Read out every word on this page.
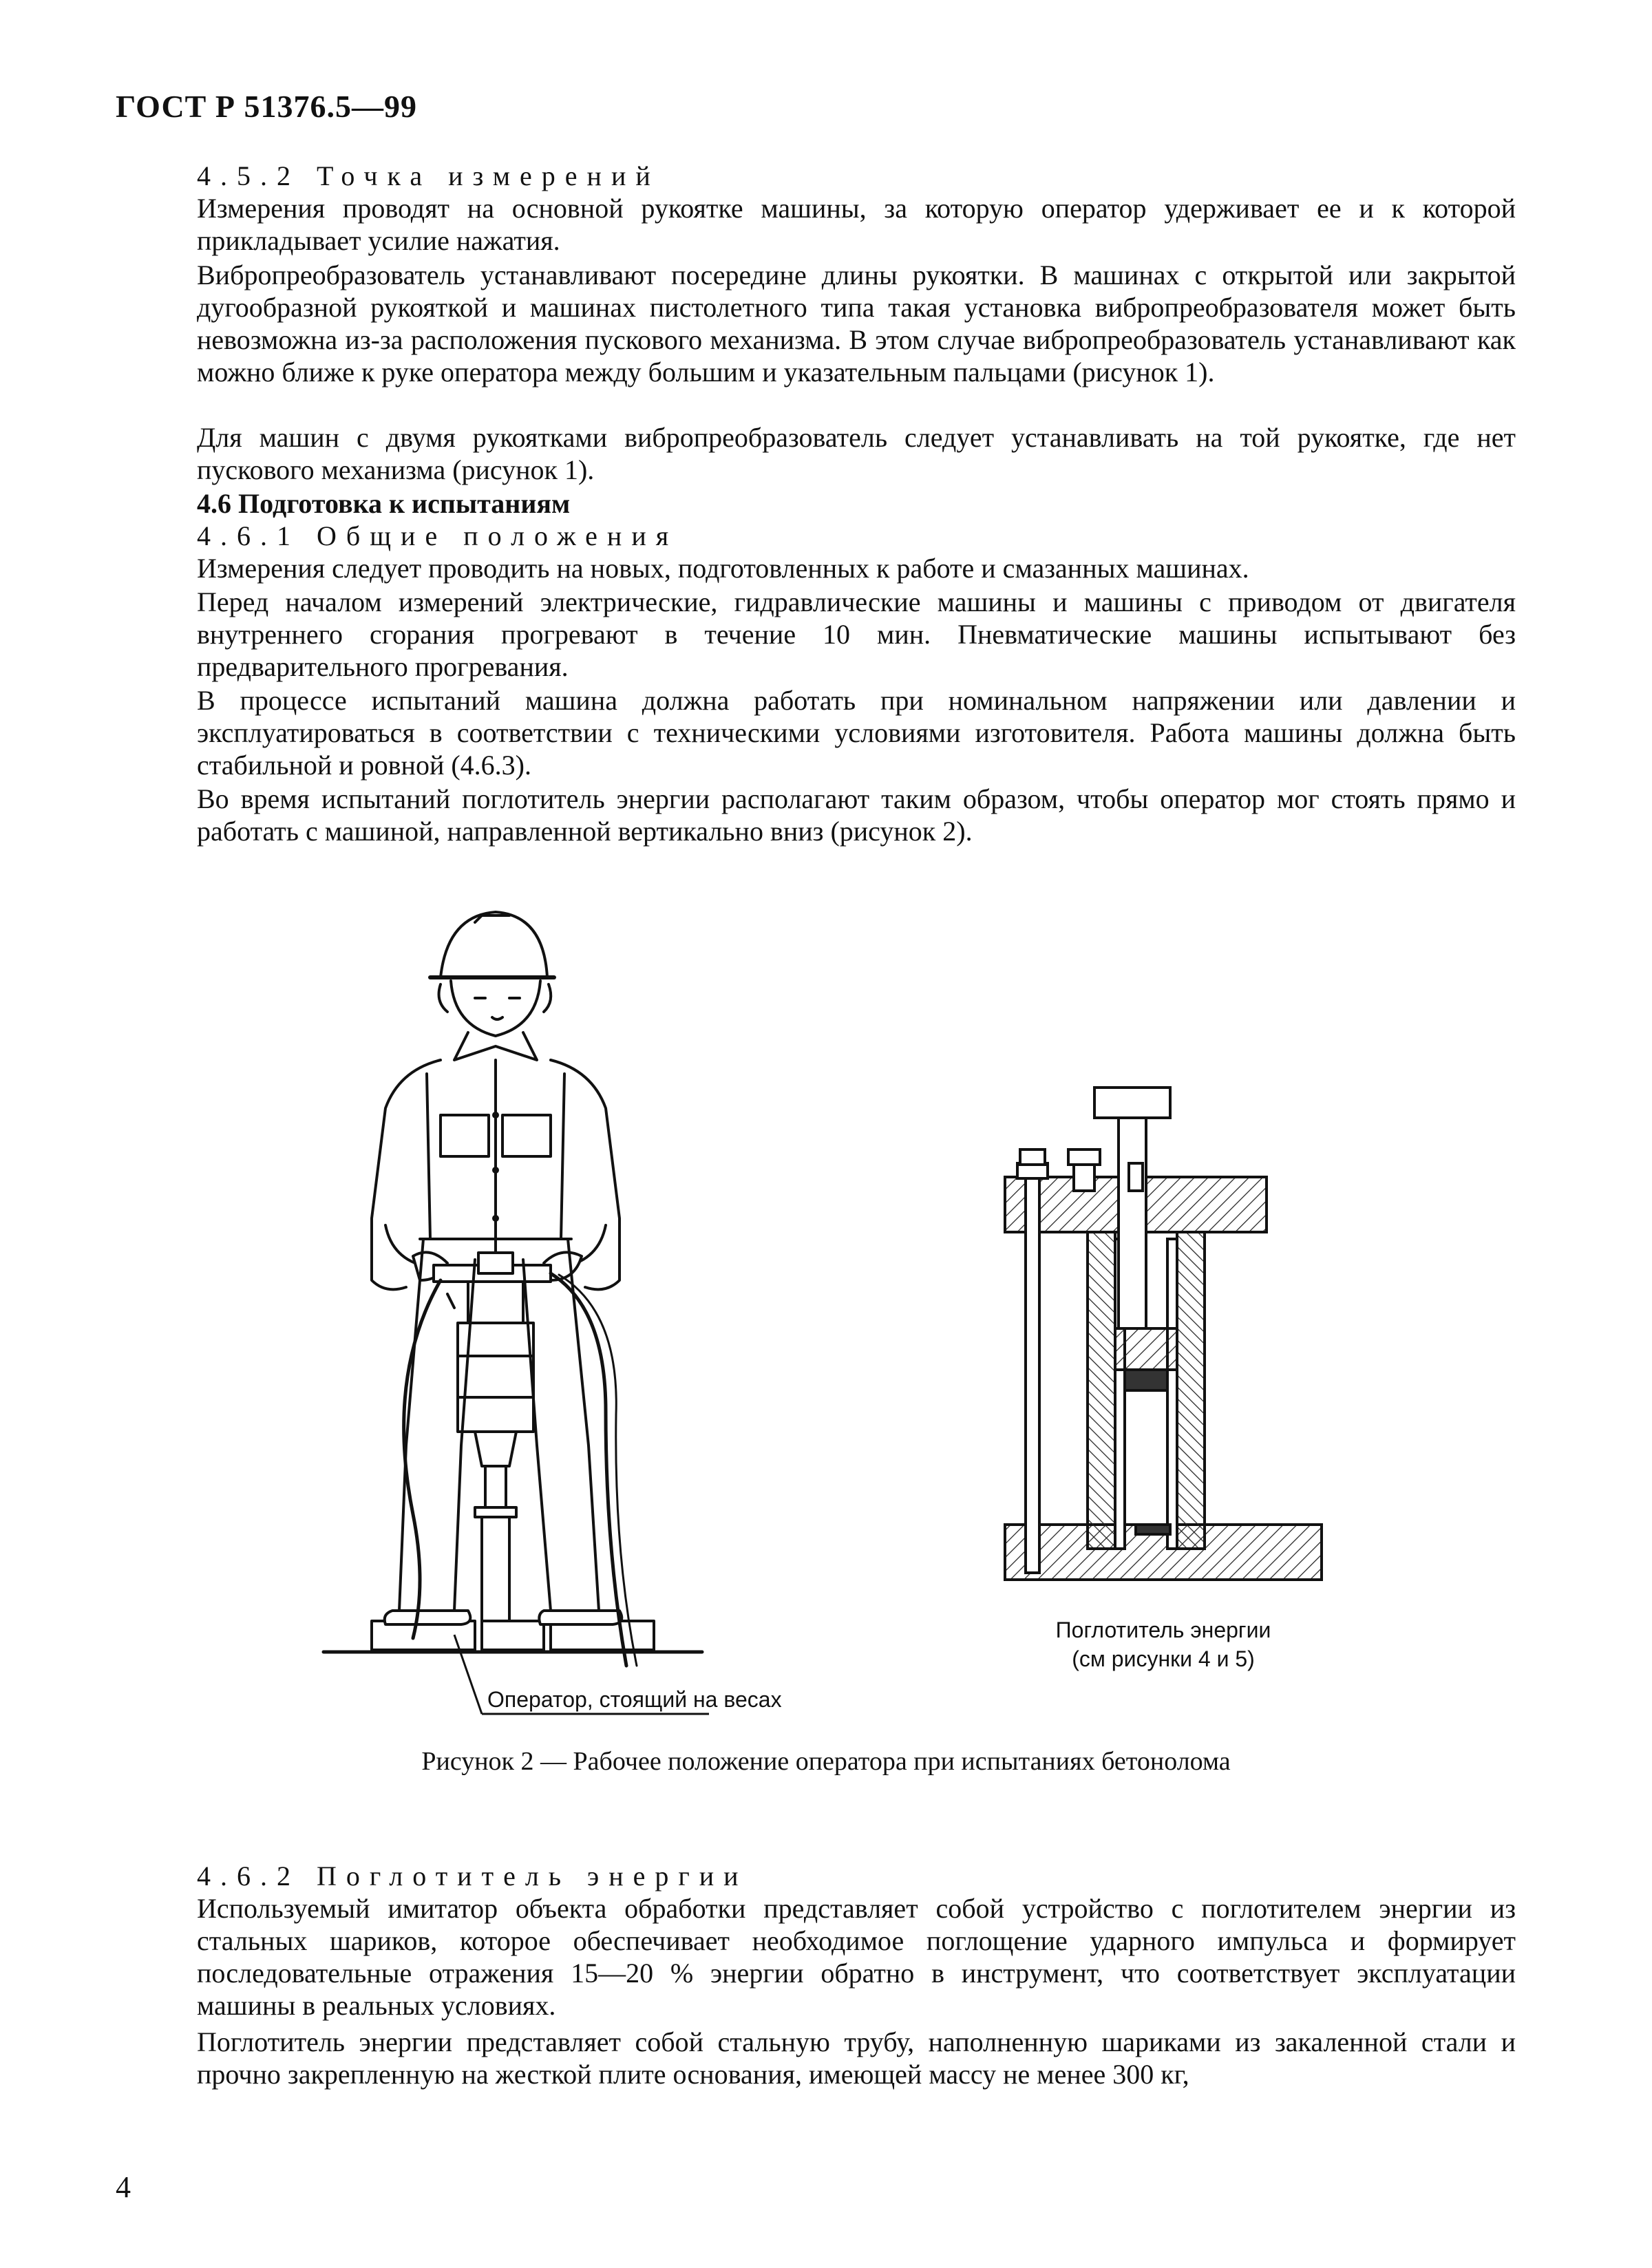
ГОСТ Р 51376.5—99
4.5.2 Точка измерений

Измерения проводят на основной рукоятке машины, за которую оператор удерживает ее и к которой прикладывает усилие нажатия.

Вибропреобразователь устанавливают посередине длины рукоятки. В машинах с открытой или закрытой дугообразной рукояткой и машинах пистолетного типа такая установка вибропреобразователя может быть невозможна из-за расположения пускового механизма. В этом случае вибропреобразователь устанавливают как можно ближе к руке оператора между большим и указательным пальцами (рисунок 1).

Для машин с двумя рукоятками вибропреобразователь следует устанавливать на той рукоятке, где нет пускового механизма (рисунок 1).

4.6 Подготовка к испытаниям
4.6.1 Общие положения

Измерения следует проводить на новых, подготовленных к работе и смазанных машинах.

Перед началом измерений электрические, гидравлические машины и машины с приводом от двигателя внутреннего сгорания прогревают в течение 10 мин. Пневматические машины испытывают без предварительного прогревания.

В процессе испытаний машина должна работать при номинальном напряжении или давлении и эксплуатироваться в соответствии с техническими условиями изготовителя. Работа машины должна быть стабильной и ровной (4.6.3).

Во время испытаний поглотитель энергии располагают таким образом, чтобы оператор мог стоять прямо и работать с машиной, направленной вертикально вниз (рисунок 2).

Поглотитель энергии
(см рисунки 4 и 5)
Оператор, стоящий на весах
Рисунок 2 — Рабочее положение оператора при испытаниях бетонолома
4.6.2 Поглотитель энергии

Используемый имитатор объекта обработки представляет собой устройство с поглотителем энергии из стальных шариков, которое обеспечивает необходимое поглощение ударного импульса и формирует последовательные отражения 15—20 % энергии обратно в инструмент, что соответствует эксплуатации машины в реальных условиях.

Поглотитель энергии представляет собой стальную трубу, наполненную шариками из закаленной стали и прочно закрепленную на жесткой плите основания, имеющей массу не менее 300 кг,

4
